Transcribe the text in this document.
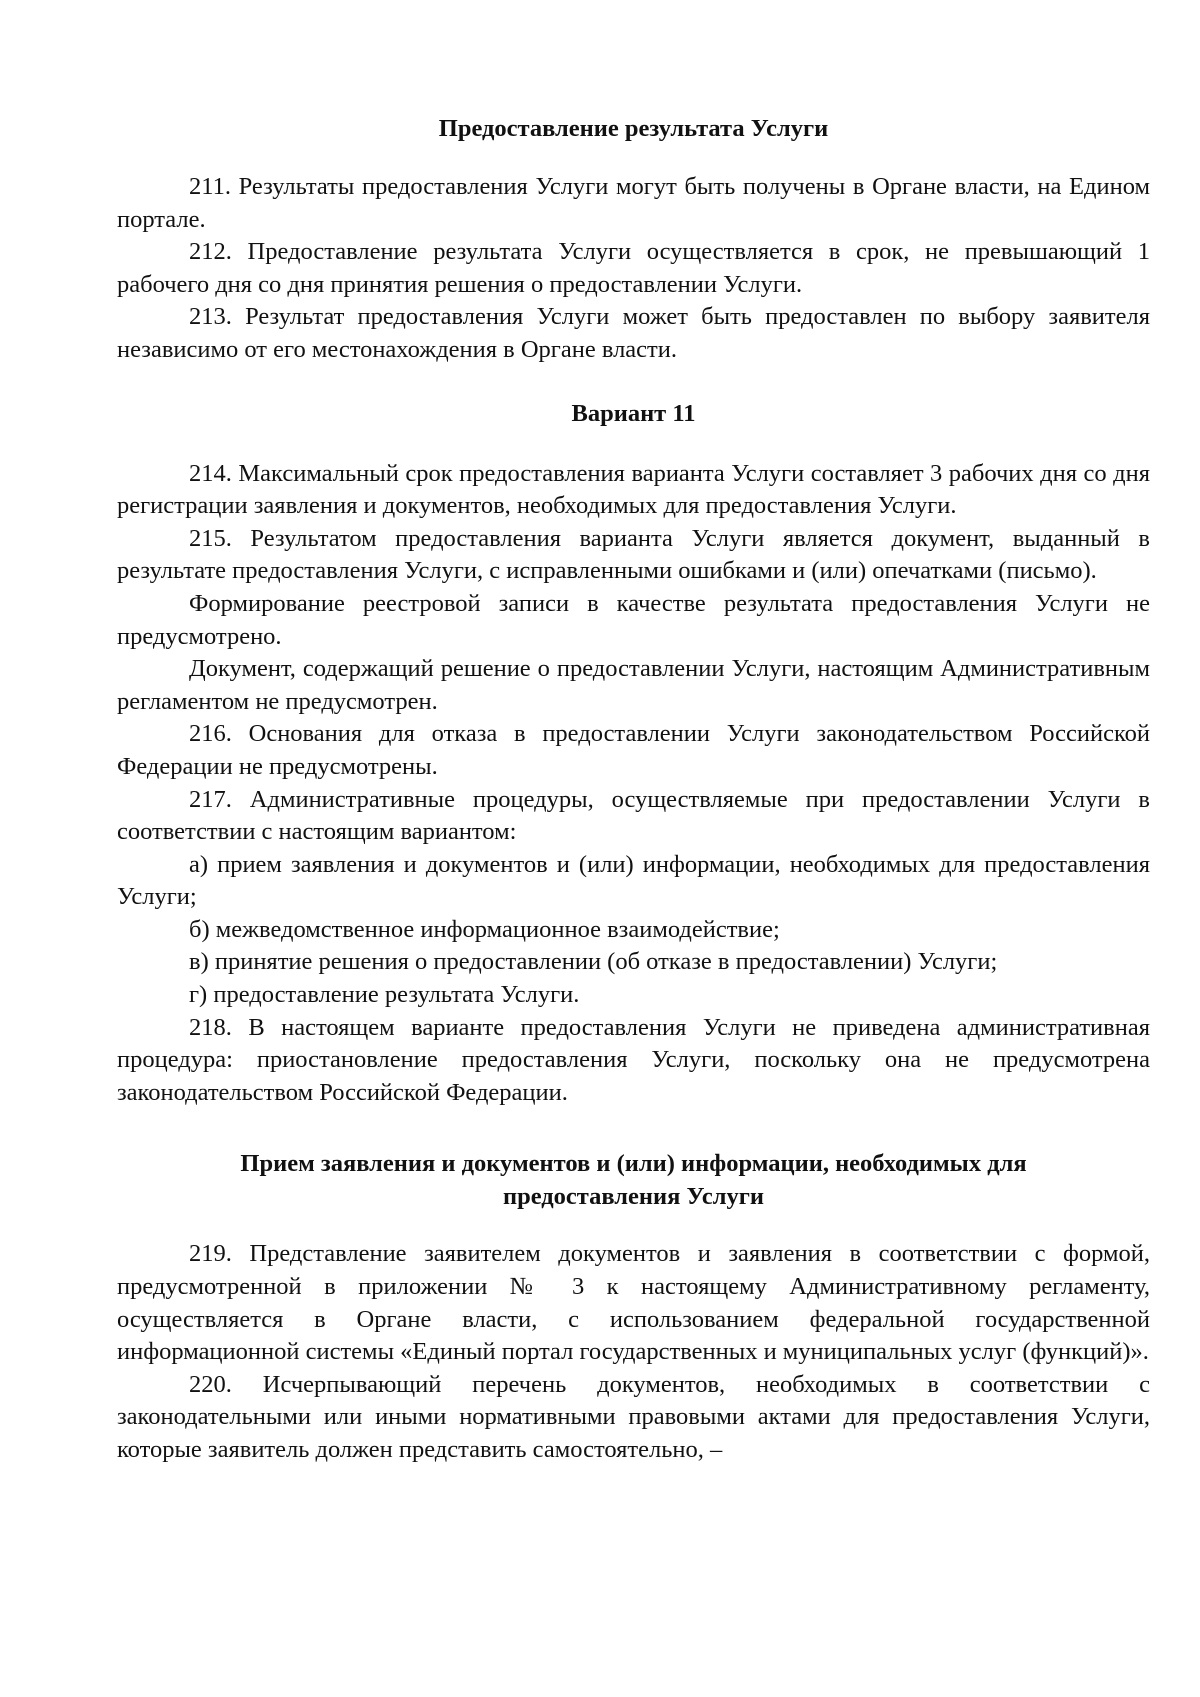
Предоставление результата Услуги

211. Результаты предоставления Услуги могут быть получены в Органе власти, на Едином портале.

212. Предоставление результата Услуги осуществляется в срок, не превышающий 1 рабочего дня со дня принятия решения о предоставлении Услуги.

213. Результат предоставления Услуги может быть предоставлен по выбору заявителя независимо от его местонахождения в Органе власти.

Вариант 11

214. Максимальный срок предоставления варианта Услуги составляет 3 рабочих дня со дня регистрации заявления и документов, необходимых для предоставления Услуги.

215. Результатом предоставления варианта Услуги является документ, выданный в результате предоставления Услуги, с исправленными ошибками и (или) опечатками (письмо).

Формирование реестровой записи в качестве результата предоставления Услуги не предусмотрено.

Документ, содержащий решение о предоставлении Услуги, настоящим Административным регламентом не предусмотрен.

216. Основания для отказа в предоставлении Услуги законодательством Российской Федерации не предусмотрены.

217. Административные процедуры, осуществляемые при предоставлении Услуги в соответствии с настоящим вариантом:

а) прием заявления и документов и (или) информации, необходимых для предоставления Услуги;

б) межведомственное информационное взаимодействие;

в) принятие решения о предоставлении (об отказе в предоставлении) Услуги;

г) предоставление результата Услуги.

218. В настоящем варианте предоставления Услуги не приведена административная процедура: приостановление предоставления Услуги, поскольку она не предусмотрена законодательством Российской Федерации.

Прием заявления и документов и (или) информации, необходимых для
предоставления Услуги

219. Представление заявителем документов и заявления в соответствии с формой, предусмотренной в приложении № 3 к настоящему Административному регламенту, осуществляется в Органе власти, с использованием федеральной государственной информационной системы «Единый портал государственных и муниципальных услуг (функций)».

220. Исчерпывающий перечень документов, необходимых в соответствии с законодательными или иными нормативными правовыми актами для предоставления Услуги, которые заявитель должен представить самостоятельно, –
